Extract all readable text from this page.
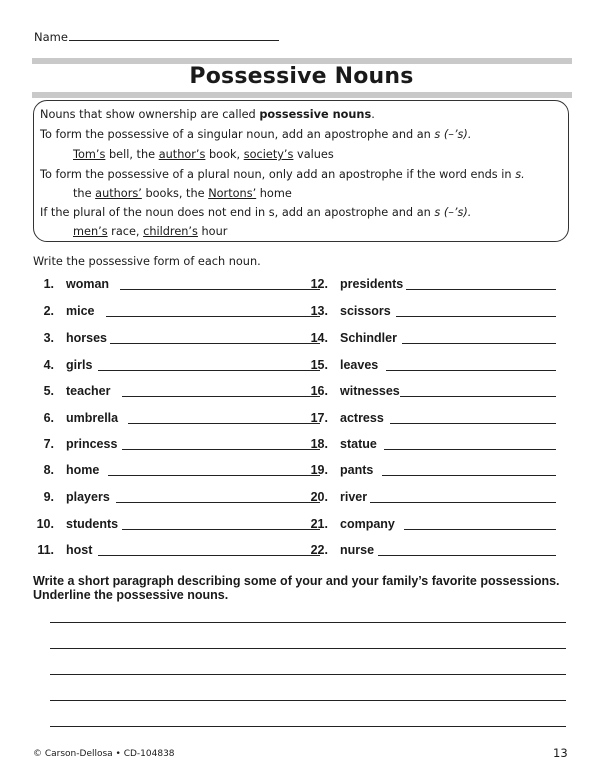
Name
Possessive Nouns
Nouns that show ownership are called possessive nouns.
To form the possessive of a singular noun, add an apostrophe and an s (–’s).
Tom’s bell, the author’s book, society’s values
To form the possessive of a plural noun, only add an apostrophe if the word ends in s.
the authors’ books, the Nortons’ home
If the plural of the noun does not end in s, add an apostrophe and an s (–’s).
men’s race, children’s hour
Write the possessive form of each noun.
1. woman
2. mice
3. horses
4. girls
5. teacher
6. umbrella
7. princess
8. home
9. players
10. students
11. host
12. presidents
13. scissors
14. Schindler
15. leaves
16. witnesses
17. actress
18. statue
19. pants
20. river
21. company
22. nurse
Write a short paragraph describing some of your and your family’s favorite possessions.
Underline the possessive nouns.
© Carson-Dellosa • CD-104838	13
